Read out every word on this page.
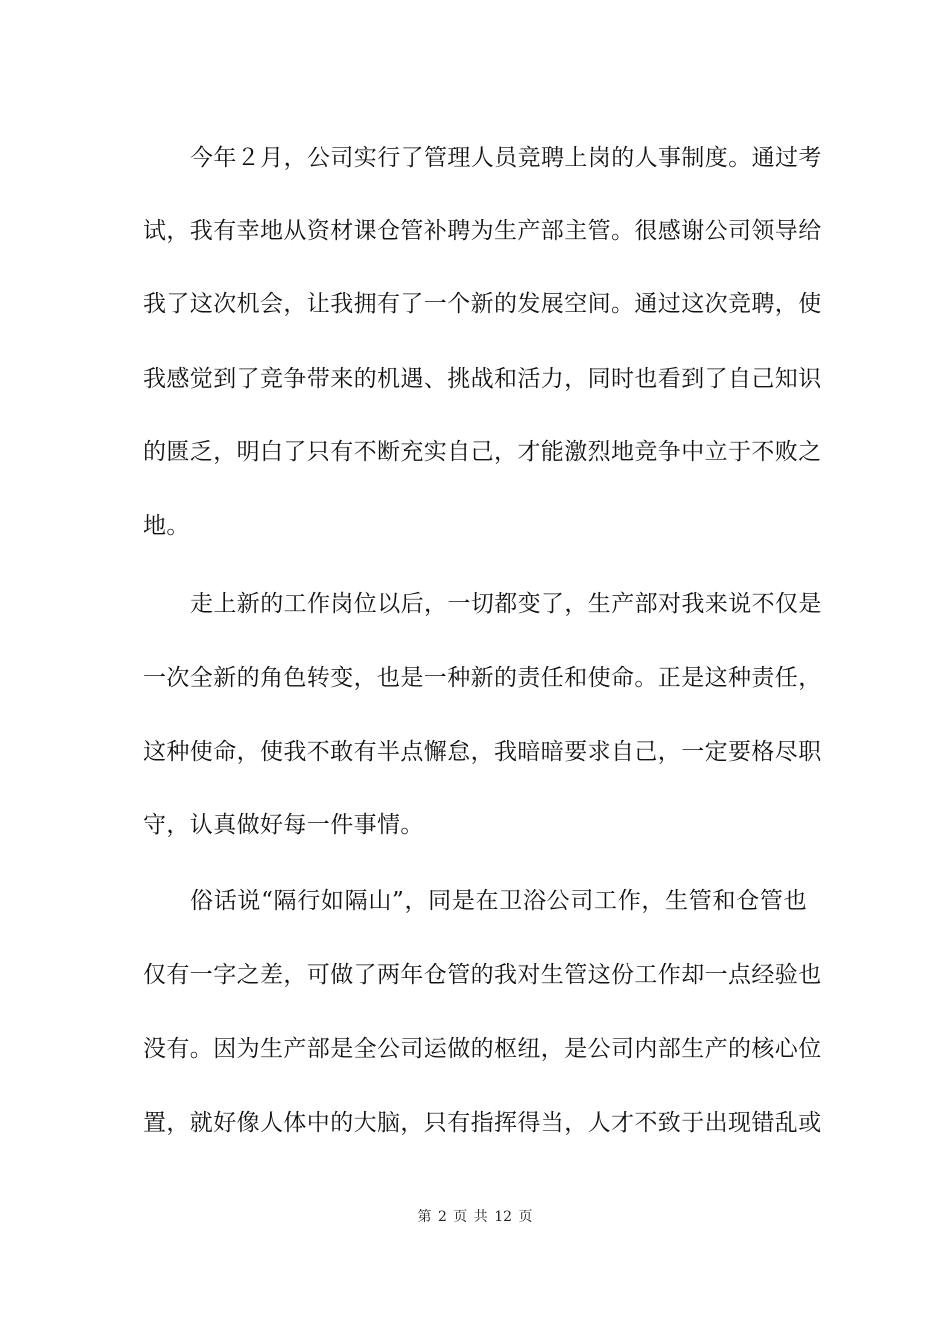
今年２月，公司实行了管理人员竞聘上岗的人事制度。通过考
试，我有幸地从资材课仓管补聘为生产部主管。很感谢公司领导给
我了这次机会，让我拥有了一个新的发展空间。通过这次竞聘，使
我感觉到了竞争带来的机遇、挑战和活力，同时也看到了自己知识
的匮乏，明白了只有不断充实自己，才能激烈地竞争中立于不败之
地。
走上新的工作岗位以后，一切都变了，生产部对我来说不仅是
一次全新的角色转变，也是一种新的责任和使命。正是这种责任，
这种使命，使我不敢有半点懈怠，我暗暗要求自己，一定要格尽职
守，认真做好每一件事情。
俗话说“隔行如隔山”，同是在卫浴公司工作，生管和仓管也
仅有一字之差，可做了两年仓管的我对生管这份工作却一点经验也
没有。因为生产部是全公司运做的枢纽，是公司内部生产的核心位
置，就好像人体中的大脑，只有指挥得当，人才不致于出现错乱或
第 2 页 共 12 页
